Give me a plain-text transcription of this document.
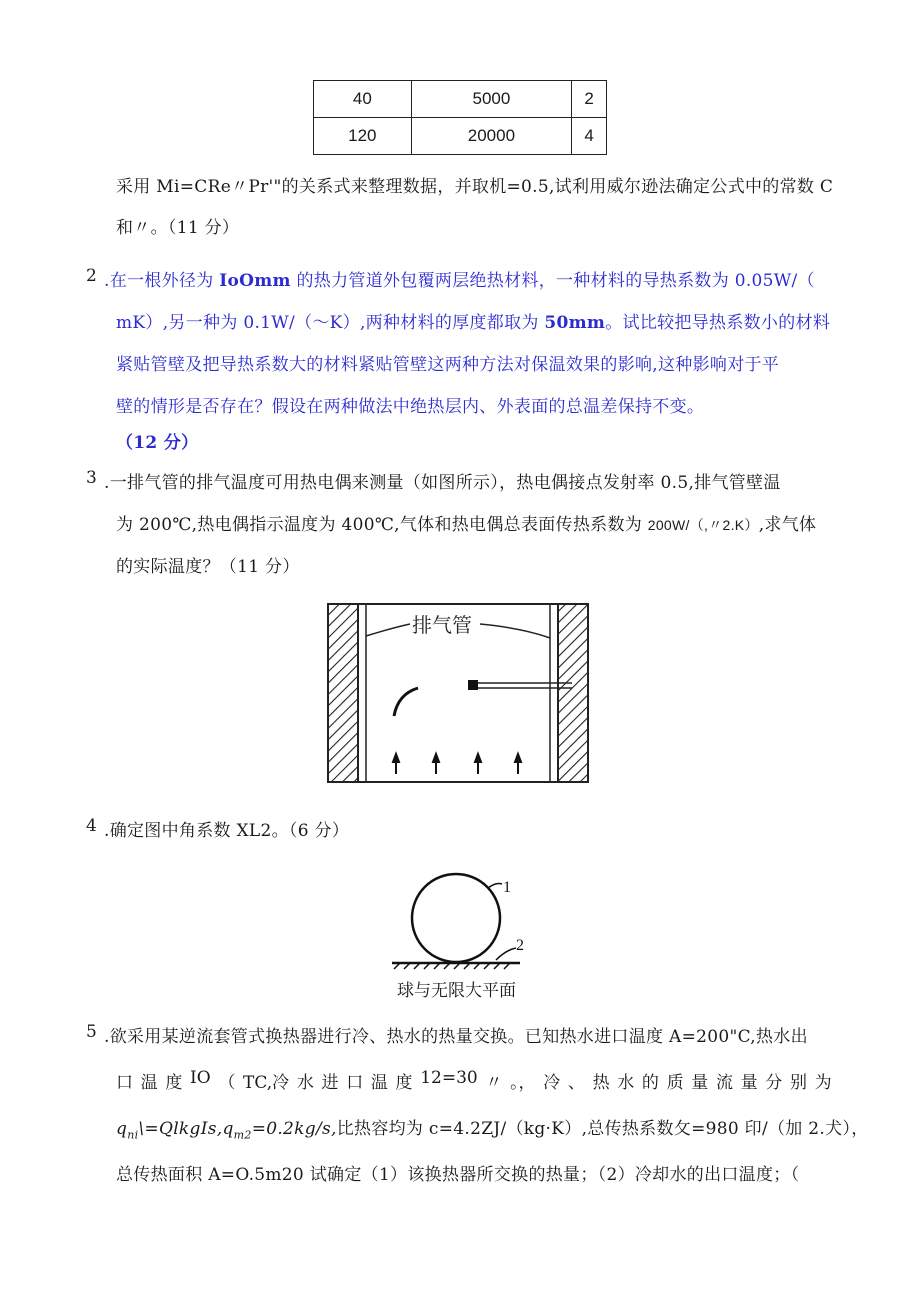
40	5000	2
120	20000	4
采用 Mi=CRe〃Pr'"的关系式来整理数据，并取机=0.5,试利用威尔逊法确定公式中的常数 C
和〃。（11 分）
2 .在一根外径为 IoOmm 的热力管道外包覆两层绝热材料，一种材料的导热系数为 0.05W/（
mK）,另一种为 0.1W/（～K）,两种材料的厚度都取为 50mm。试比较把导热系数小的材料
紧贴管壁及把导热系数大的材料紧贴管壁这两种方法对保温效果的影响,这种影响对于平
壁的情形是否存在？假设在两种做法中绝热层内、外表面的总温差保持不变。
（12 分）
3 .一排气管的排气温度可用热电偶来测量（如图所示），热电偶接点发射率 0.5,排气管壁温
为 200℃,热电偶指示温度为 400℃,气体和热电偶总表面传热系数为 200W/（,〃2.K）,求气体
的实际温度？（11 分）
排气管
4 .确定图中角系数 XL2。（6 分）
1
2
球与无限大平面
5 .欲采用某逆流套管式换热器进行冷、热水的热量交换。已知热水进口温度 A=200"C,热水出
口 温 度 IO （ TC,冷 水 进 口 温 度 12=30 〃 。， 冷 、 热 水 的 质 量 流 量 分 别 为
$q_{ni}\backslash=QlkgIs,q_{m2}=0.2kg/s$,比热容均为 c=4.2ZJ/（kg·K）,总传热系数攵=980 印/（加 2.犬），
总传热面积 A=O.5m20 试确定（1）该换热器所交换的热量；（2）冷却水的出口温度；（
